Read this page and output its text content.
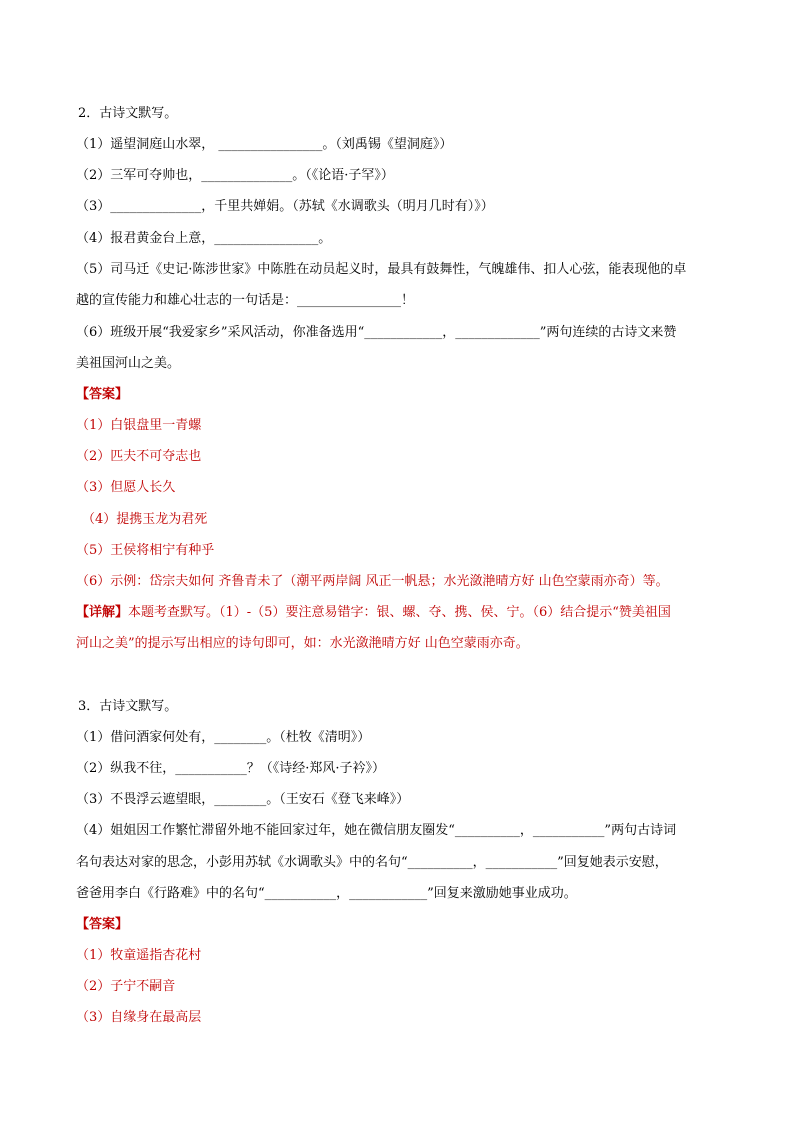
2．古诗文默写。
（1）遥望洞庭山水翠， ________________。（刘禹锡《望洞庭》）
（2）三军可夺帅也，______________。（《论语·子罕》）
（3）______________，千里共婵娟。（苏轼《水调歌头（明月几时有）》）
（4）报君黄金台上意，________________。
（5）司马迁《史记·陈涉世家》中陈胜在动员起义时，最具有鼓舞性，气魄雄伟、扣人心弦，能表现他的卓
越的宣传能力和雄心壮志的一句话是：________________！
（6）班级开展“我爱家乡”采风活动，你准备选用“____________，_____________”两句连续的古诗文来赞
美祖国河山之美。
【答案】
（1）白银盘里一青螺
（2）匹夫不可夺志也
（3）但愿人长久
（4）提携玉龙为君死
（5）王侯将相宁有种乎
（6）示例：岱宗夫如何 齐鲁青未了（潮平两岸阔 风正一帆悬；水光潋滟晴方好 山色空蒙雨亦奇）等。
【详解】本题考查默写。（1）-（5）要注意易错字：银、螺、夺、携、侯、宁。（6）结合提示“赞美祖国
河山之美”的提示写出相应的诗句即可，如：水光潋滟晴方好 山色空蒙雨亦奇。
3．古诗文默写。
（1）借问酒家何处有，________。（杜牧《清明》）
（2）纵我不往，___________？（《诗经·郑风·子衿》）
（3）不畏浮云遮望眼，________。（王安石《登飞来峰》）
（4）姐姐因工作繁忙滞留外地不能回家过年，她在微信朋友圈发“__________，___________”两句古诗词
名句表达对家的思念，小彭用苏轼《水调歌头》中的名句“__________，___________”回复她表示安慰，
爸爸用李白《行路难》中的名句“___________，____________”回复来激励她事业成功。
【答案】
（1）牧童遥指杏花村
（2）子宁不嗣音
（3）自缘身在最高层
